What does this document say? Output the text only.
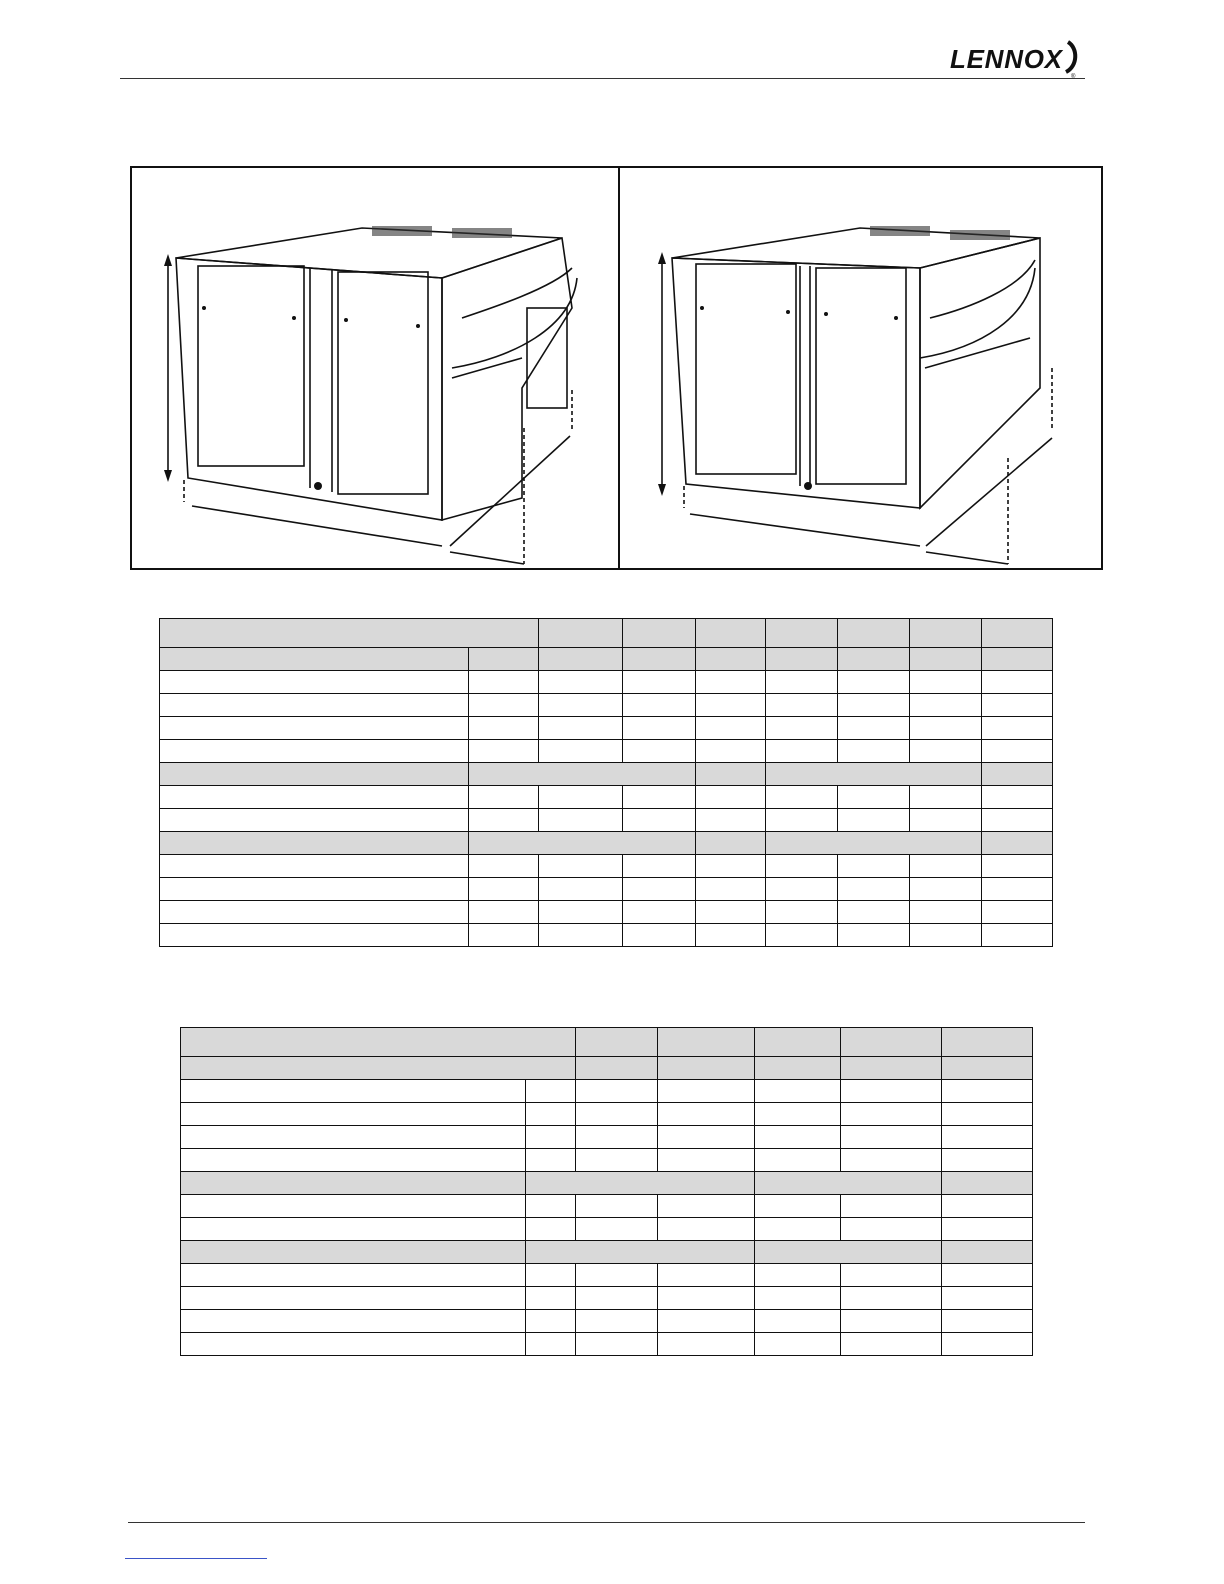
LENNOX
®
